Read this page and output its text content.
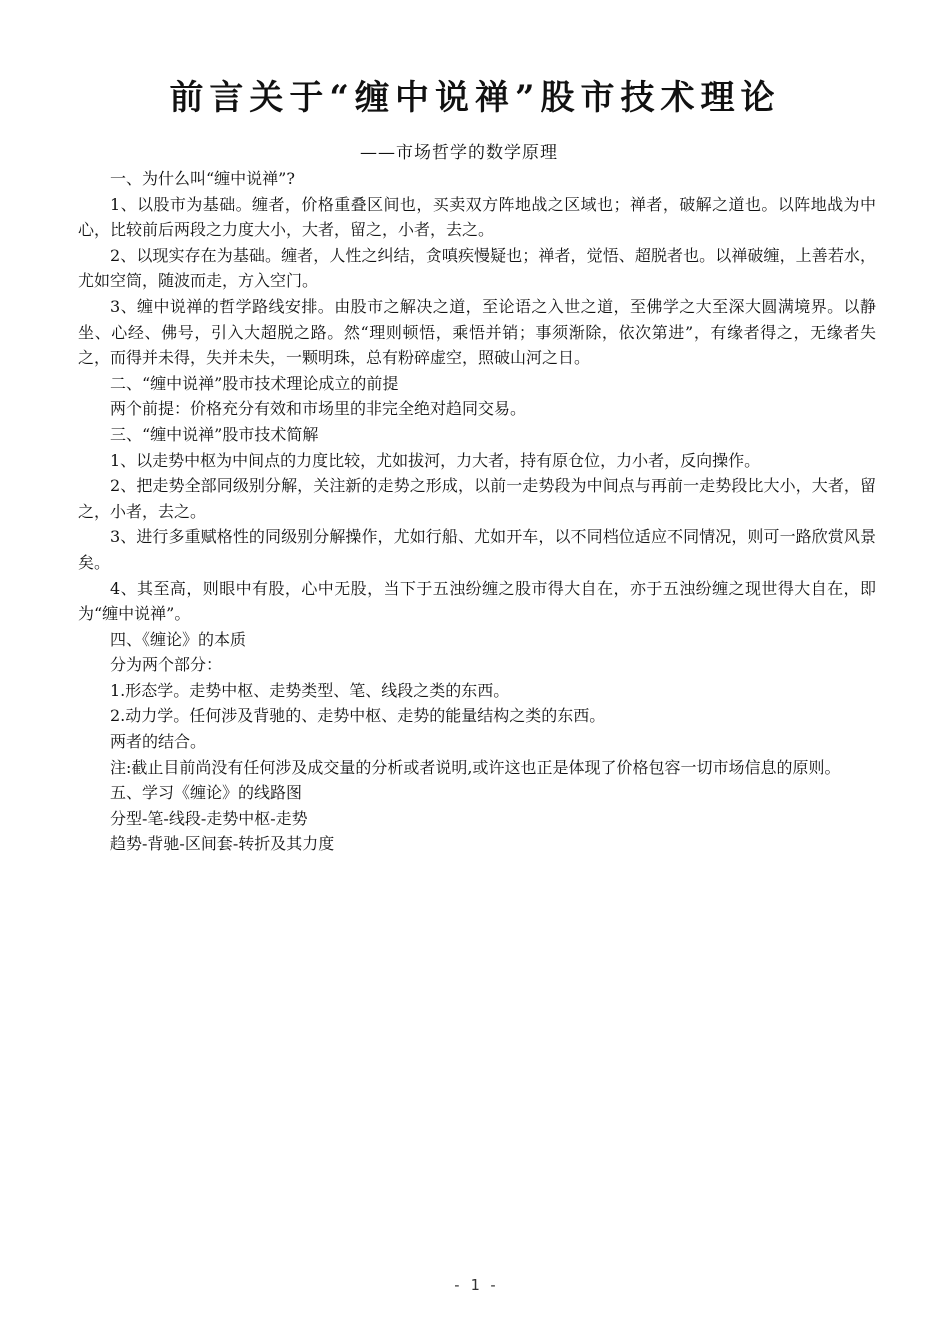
前言关于“缠中说禅”股市技术理论
——市场哲学的数学原理

一、为什么叫“缠中说禅”?

1、以股市为基础。缠者，价格重叠区间也，买卖双方阵地战之区域也；禅者，破解之道也。以阵地战为中心，比较前后两段之力度大小，大者，留之，小者，去之。

2、以现实存在为基础。缠者，人性之纠结，贪嗔疾慢疑也；禅者，觉悟、超脱者也。以禅破缠，上善若水，尤如空筒，随波而走，方入空门。

3、缠中说禅的哲学路线安排。由股市之解决之道，至论语之入世之道，至佛学之大至深大圆满境界。以静坐、心经、佛号，引入大超脱之路。然“理则顿悟，乘悟并销；事须渐除，依次第进”，有缘者得之，无缘者失之，而得并未得，失并未失，一颗明珠，总有粉碎虚空，照破山河之日。

二、“缠中说禅”股市技术理论成立的前提

两个前提：价格充分有效和市场里的非完全绝对趋同交易。

三、“缠中说禅”股市技术简解

1、以走势中枢为中间点的力度比较，尤如拔河，力大者，持有原仓位，力小者，反向操作。

2、把走势全部同级别分解，关注新的走势之形成，以前一走势段为中间点与再前一走势段比大小，大者，留之，小者，去之。

3、进行多重赋格性的同级别分解操作，尤如行船、尤如开车，以不同档位适应不同情况，则可一路欣赏风景矣。

4、其至高，则眼中有股，心中无股，当下于五浊纷缠之股市得大自在，亦于五浊纷缠之现世得大自在，即为“缠中说禅”。

四、《缠论》的本质

分为两个部分：

1.形态学。走势中枢、走势类型、笔、线段之类的东西。

2.动力学。任何涉及背驰的、走势中枢、走势的能量结构之类的东西。

两者的结合。

注:截止目前尚没有任何涉及成交量的分析或者说明,或许这也正是体现了价格包容一切市场信息的原则。

五、学习《缠论》的线路图

分型-笔-线段-走势中枢-走势

趋势-背驰-区间套-转折及其力度

- 1 -
